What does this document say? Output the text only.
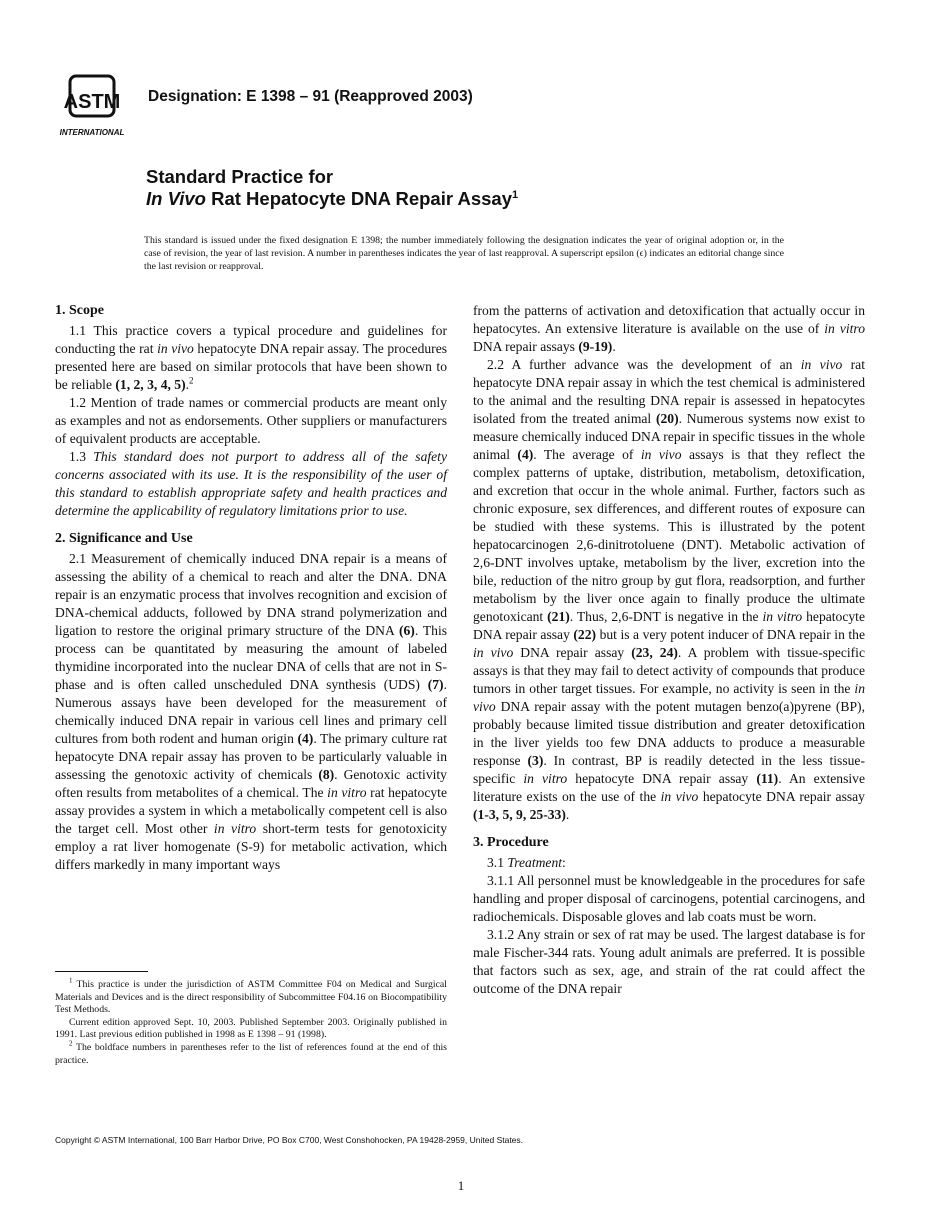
ASTM
INTERNATIONAL
Designation: E 1398 – 91 (Reapproved 2003)
Standard Practice for
In Vivo Rat Hepatocyte DNA Repair Assay$^1$
This standard is issued under the fixed designation E 1398; the number immediately following the designation indicates the year of original adoption or, in the case of revision, the year of last revision. A number in parentheses indicates the year of last reapproval. A superscript epsilon (ϵ) indicates an editorial change since the last revision or reapproval.
1. Scope

1.1 This practice covers a typical procedure and guidelines for conducting the rat in vivo hepatocyte DNA repair assay. The procedures presented here are based on similar protocols that have been shown to be reliable (1, 2, 3, 4, 5).$^2$

1.2 Mention of trade names or commercial products are meant only as examples and not as endorsements. Other suppliers or manufacturers of equivalent products are acceptable.

1.3 This standard does not purport to address all of the safety concerns associated with its use. It is the responsibility of the user of this standard to establish appropriate safety and health practices and determine the applicability of regulatory limitations prior to use.

2. Significance and Use

2.1 Measurement of chemically induced DNA repair is a means of assessing the ability of a chemical to reach and alter the DNA. DNA repair is an enzymatic process that involves recognition and excision of DNA-chemical adducts, followed by DNA strand polymerization and ligation to restore the original primary structure of the DNA (6). This process can be quantitated by measuring the amount of labeled thymidine incorporated into the nuclear DNA of cells that are not in S-phase and is often called unscheduled DNA synthesis (UDS) (7). Numerous assays have been developed for the measurement of chemically induced DNA repair in various cell lines and primary cell cultures from both rodent and human origin (4). The primary culture rat hepatocyte DNA repair assay has proven to be particularly valuable in assessing the genotoxic activity of chemicals (8). Genotoxic activity often results from metabolites of a chemical. The in vitro rat hepatocyte assay provides a system in which a metabolically competent cell is also the target cell. Most other in vitro short-term tests for genotoxicity employ a rat liver homogenate (S-9) for metabolic activation, which differs markedly in many important ways

from the patterns of activation and detoxification that actually occur in hepatocytes. An extensive literature is available on the use of in vitro DNA repair assays (9-19).

2.2 A further advance was the development of an in vivo rat hepatocyte DNA repair assay in which the test chemical is administered to the animal and the resulting DNA repair is assessed in hepatocytes isolated from the treated animal (20). Numerous systems now exist to measure chemically induced DNA repair in specific tissues in the whole animal (4). The average of in vivo assays is that they reflect the complex patterns of uptake, distribution, metabolism, detoxification, and excretion that occur in the whole animal. Further, factors such as chronic exposure, sex differences, and different routes of exposure can be studied with these systems. This is illustrated by the potent hepatocarcinogen 2,6-dinitrotoluene (DNT). Metabolic activation of 2,6-DNT involves uptake, metabolism by the liver, excretion into the bile, reduction of the nitro group by gut flora, readsorption, and further metabolism by the liver once again to finally produce the ultimate genotoxicant (21). Thus, 2,6-DNT is negative in the in vitro hepatocyte DNA repair assay (22) but is a very potent inducer of DNA repair in the in vivo DNA repair assay (23, 24). A problem with tissue-specific assays is that they may fail to detect activity of compounds that produce tumors in other target tissues. For example, no activity is seen in the in vivo DNA repair assay with the potent mutagen benzo(a)pyrene (BP), probably because limited tissue distribution and greater detoxification in the liver yields too few DNA adducts to produce a measurable response (3). In contrast, BP is readily detected in the less tissue-specific in vitro hepatocyte DNA repair assay (11). An extensive literature exists on the use of the in vivo hepatocyte DNA repair assay (1-3, 5, 9, 25-33).

3. Procedure

3.1 Treatment:

3.1.1 All personnel must be knowledgeable in the procedures for safe handling and proper disposal of carcinogens, potential carcinogens, and radiochemicals. Disposable gloves and lab coats must be worn.

3.1.2 Any strain or sex of rat may be used. The largest database is for male Fischer-344 rats. Young adult animals are preferred. It is possible that factors such as sex, age, and strain of the rat could affect the outcome of the DNA repair

$^1$ This practice is under the jurisdiction of ASTM Committee F04 on Medical and Surgical Materials and Devices and is the direct responsibility of Subcommittee F04.16 on Biocompatibility Test Methods.

Current edition approved Sept. 10, 2003. Published September 2003. Originally published in 1991. Last previous edition published in 1998 as E 1398 – 91 (1998).

$^2$ The boldface numbers in parentheses refer to the list of references found at the end of this practice.

Copyright © ASTM International, 100 Barr Harbor Drive, PO Box C700, West Conshohocken, PA 19428-2959, United States.
1
